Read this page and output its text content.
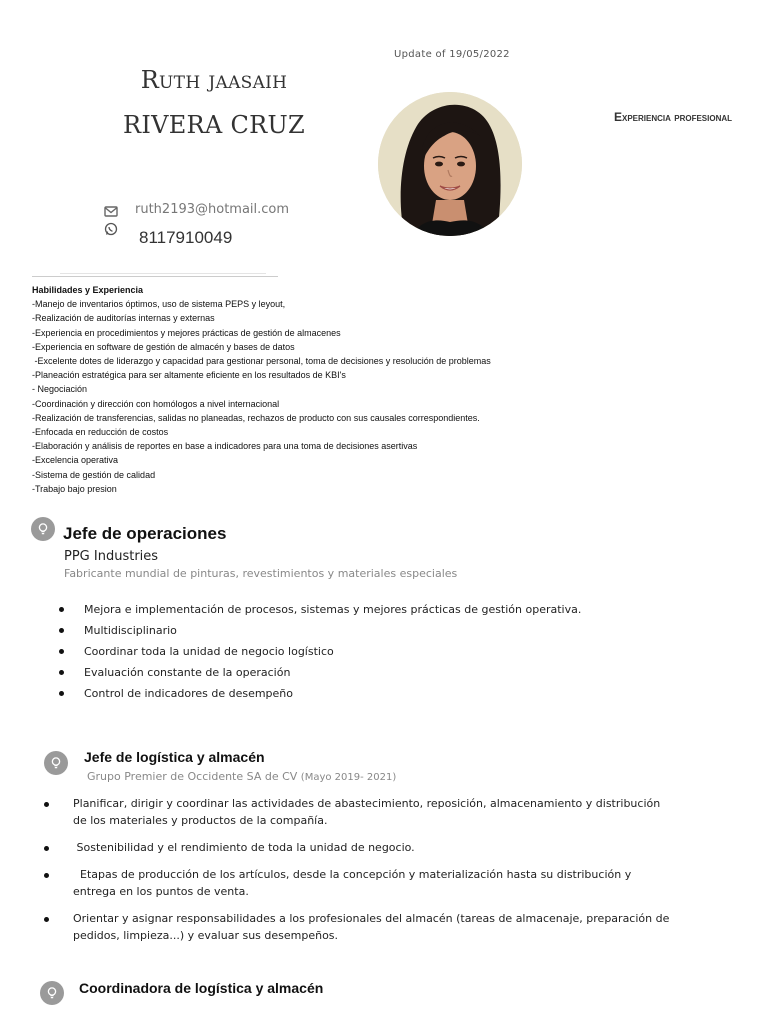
Update of 19/05/2022
Ruth jaasaih
RIVERA CRUZ	Experiencia profesional
ruth2193@hotmail.com
8117910049
Habilidades y Experiencia
-Manejo de inventarios óptimos, uso de sistema PEPS y leyout,
-Realización de auditorías internas y externas
-Experiencia en procedimientos y mejores prácticas de gestión de almacenes
-Experiencia en software de gestión de almacén y bases de datos
-Excelente dotes de liderazgo y capacidad para gestionar personal, toma de decisiones y resolución de problemas
-Planeación estratégica para ser altamente eficiente en los resultados de KBI's
- Negociación
-Coordinación y dirección con homólogos a nivel internacional
-Realización de transferencias, salidas no planeadas, rechazos de producto con sus causales correspondientes.
-Enfocada en reducción de costos
-Elaboración y análisis de reportes en base a indicadores para una toma de decisiones asertivas
-Excelencia operativa
-Sistema de gestión de calidad
-Trabajo bajo presion
Jefe de operaciones
PPG Industries
Fabricante mundial de pinturas, revestimientos y materiales especiales
Mejora e implementación de procesos, sistemas y mejores prácticas de gestión operativa.
Multidisciplinario
Coordinar toda la unidad de negocio logístico
Evaluación constante de la operación
Control de indicadores de desempeño
Jefe de logística y almacén
Grupo Premier de Occidente SA de CV (Mayo 2019- 2021)
Planificar, dirigir y coordinar las actividades de abastecimiento, reposición, almacenamiento y distribución de los materiales y productos de la compañía.
Sostenibilidad y el rendimiento de toda la unidad de negocio.
Etapas de producción de los artículos, desde la concepción y materialización hasta su distribución y entrega en los puntos de venta.
Orientar y asignar responsabilidades a los profesionales del almacén (tareas de almacenaje, preparación de pedidos, limpieza...) y evaluar sus desempeños.
Coordinadora de logística y almacén
